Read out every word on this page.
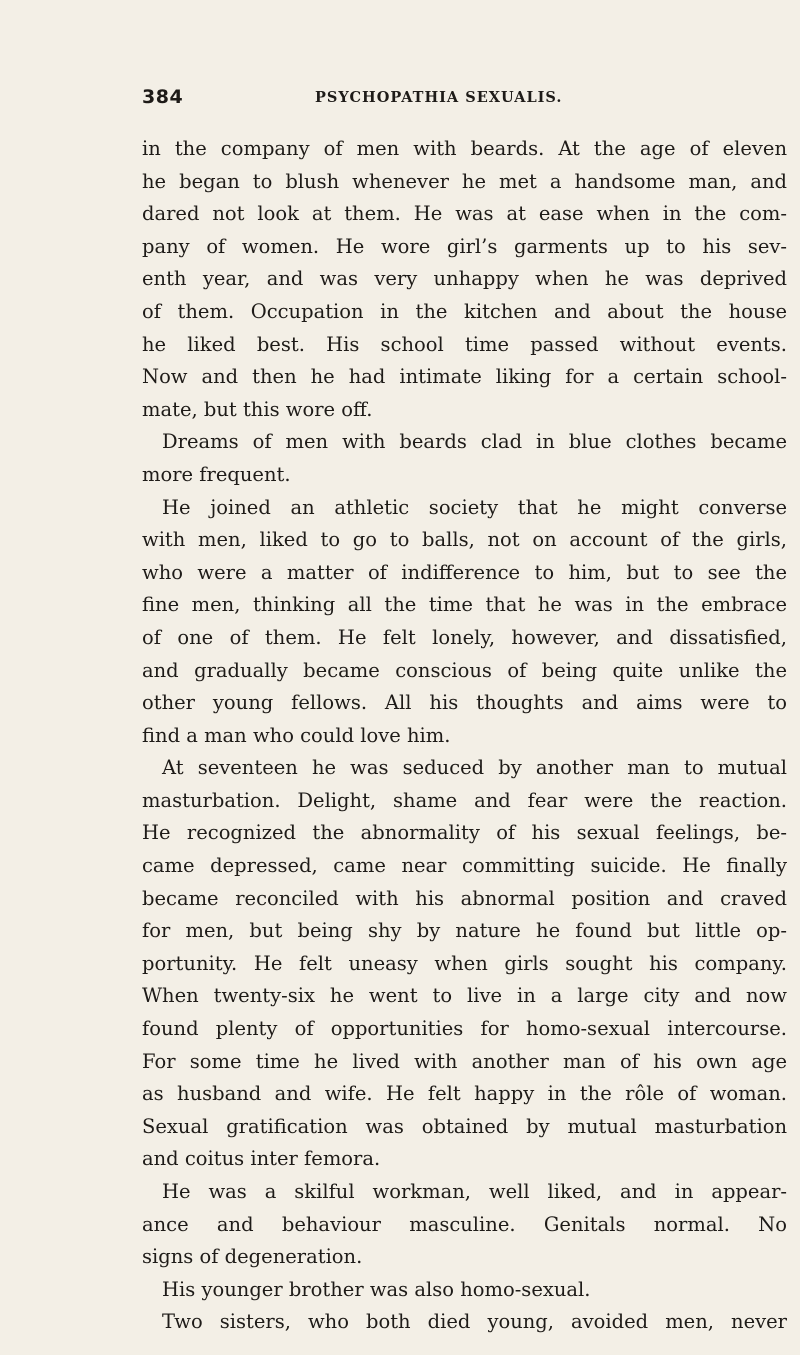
384	PSYCHOPATHIA SEXUALIS.
in the company of men with beards. At the age of eleven
he began to blush whenever he met a handsome man, and
dared not look at them. He was at ease when in the com-
pany of women. He wore girl’s garments up to his sev-
enth year, and was very unhappy when he was deprived
of them. Occupation in the kitchen and about the house
he liked best. His school time passed without events.
Now and then he had intimate liking for a certain school-
mate, but this wore off.
Dreams of men with beards clad in blue clothes became
more frequent.
He joined an athletic society that he might converse
with men, liked to go to balls, not on account of the girls,
who were a matter of indifference to him, but to see the
fine men, thinking all the time that he was in the embrace
of one of them. He felt lonely, however, and dissatisfied,
and gradually became conscious of being quite unlike the
other young fellows. All his thoughts and aims were to
find a man who could love him.
At seventeen he was seduced by another man to mutual
masturbation. Delight, shame and fear were the reaction.
He recognized the abnormality of his sexual feelings, be-
came depressed, came near committing suicide. He finally
became reconciled with his abnormal position and craved
for men, but being shy by nature he found but little op-
portunity. He felt uneasy when girls sought his company.
When twenty-six he went to live in a large city and now
found plenty of opportunities for homo-sexual intercourse.
For some time he lived with another man of his own age
as husband and wife. He felt happy in the rôle of woman.
Sexual gratification was obtained by mutual masturbation
and coitus inter femora.
He was a skilful workman, well liked, and in appear-
ance and behaviour masculine. Genitals normal. No
signs of degeneration.
His younger brother was also homo-sexual.
Two sisters, who both died young, avoided men, never
